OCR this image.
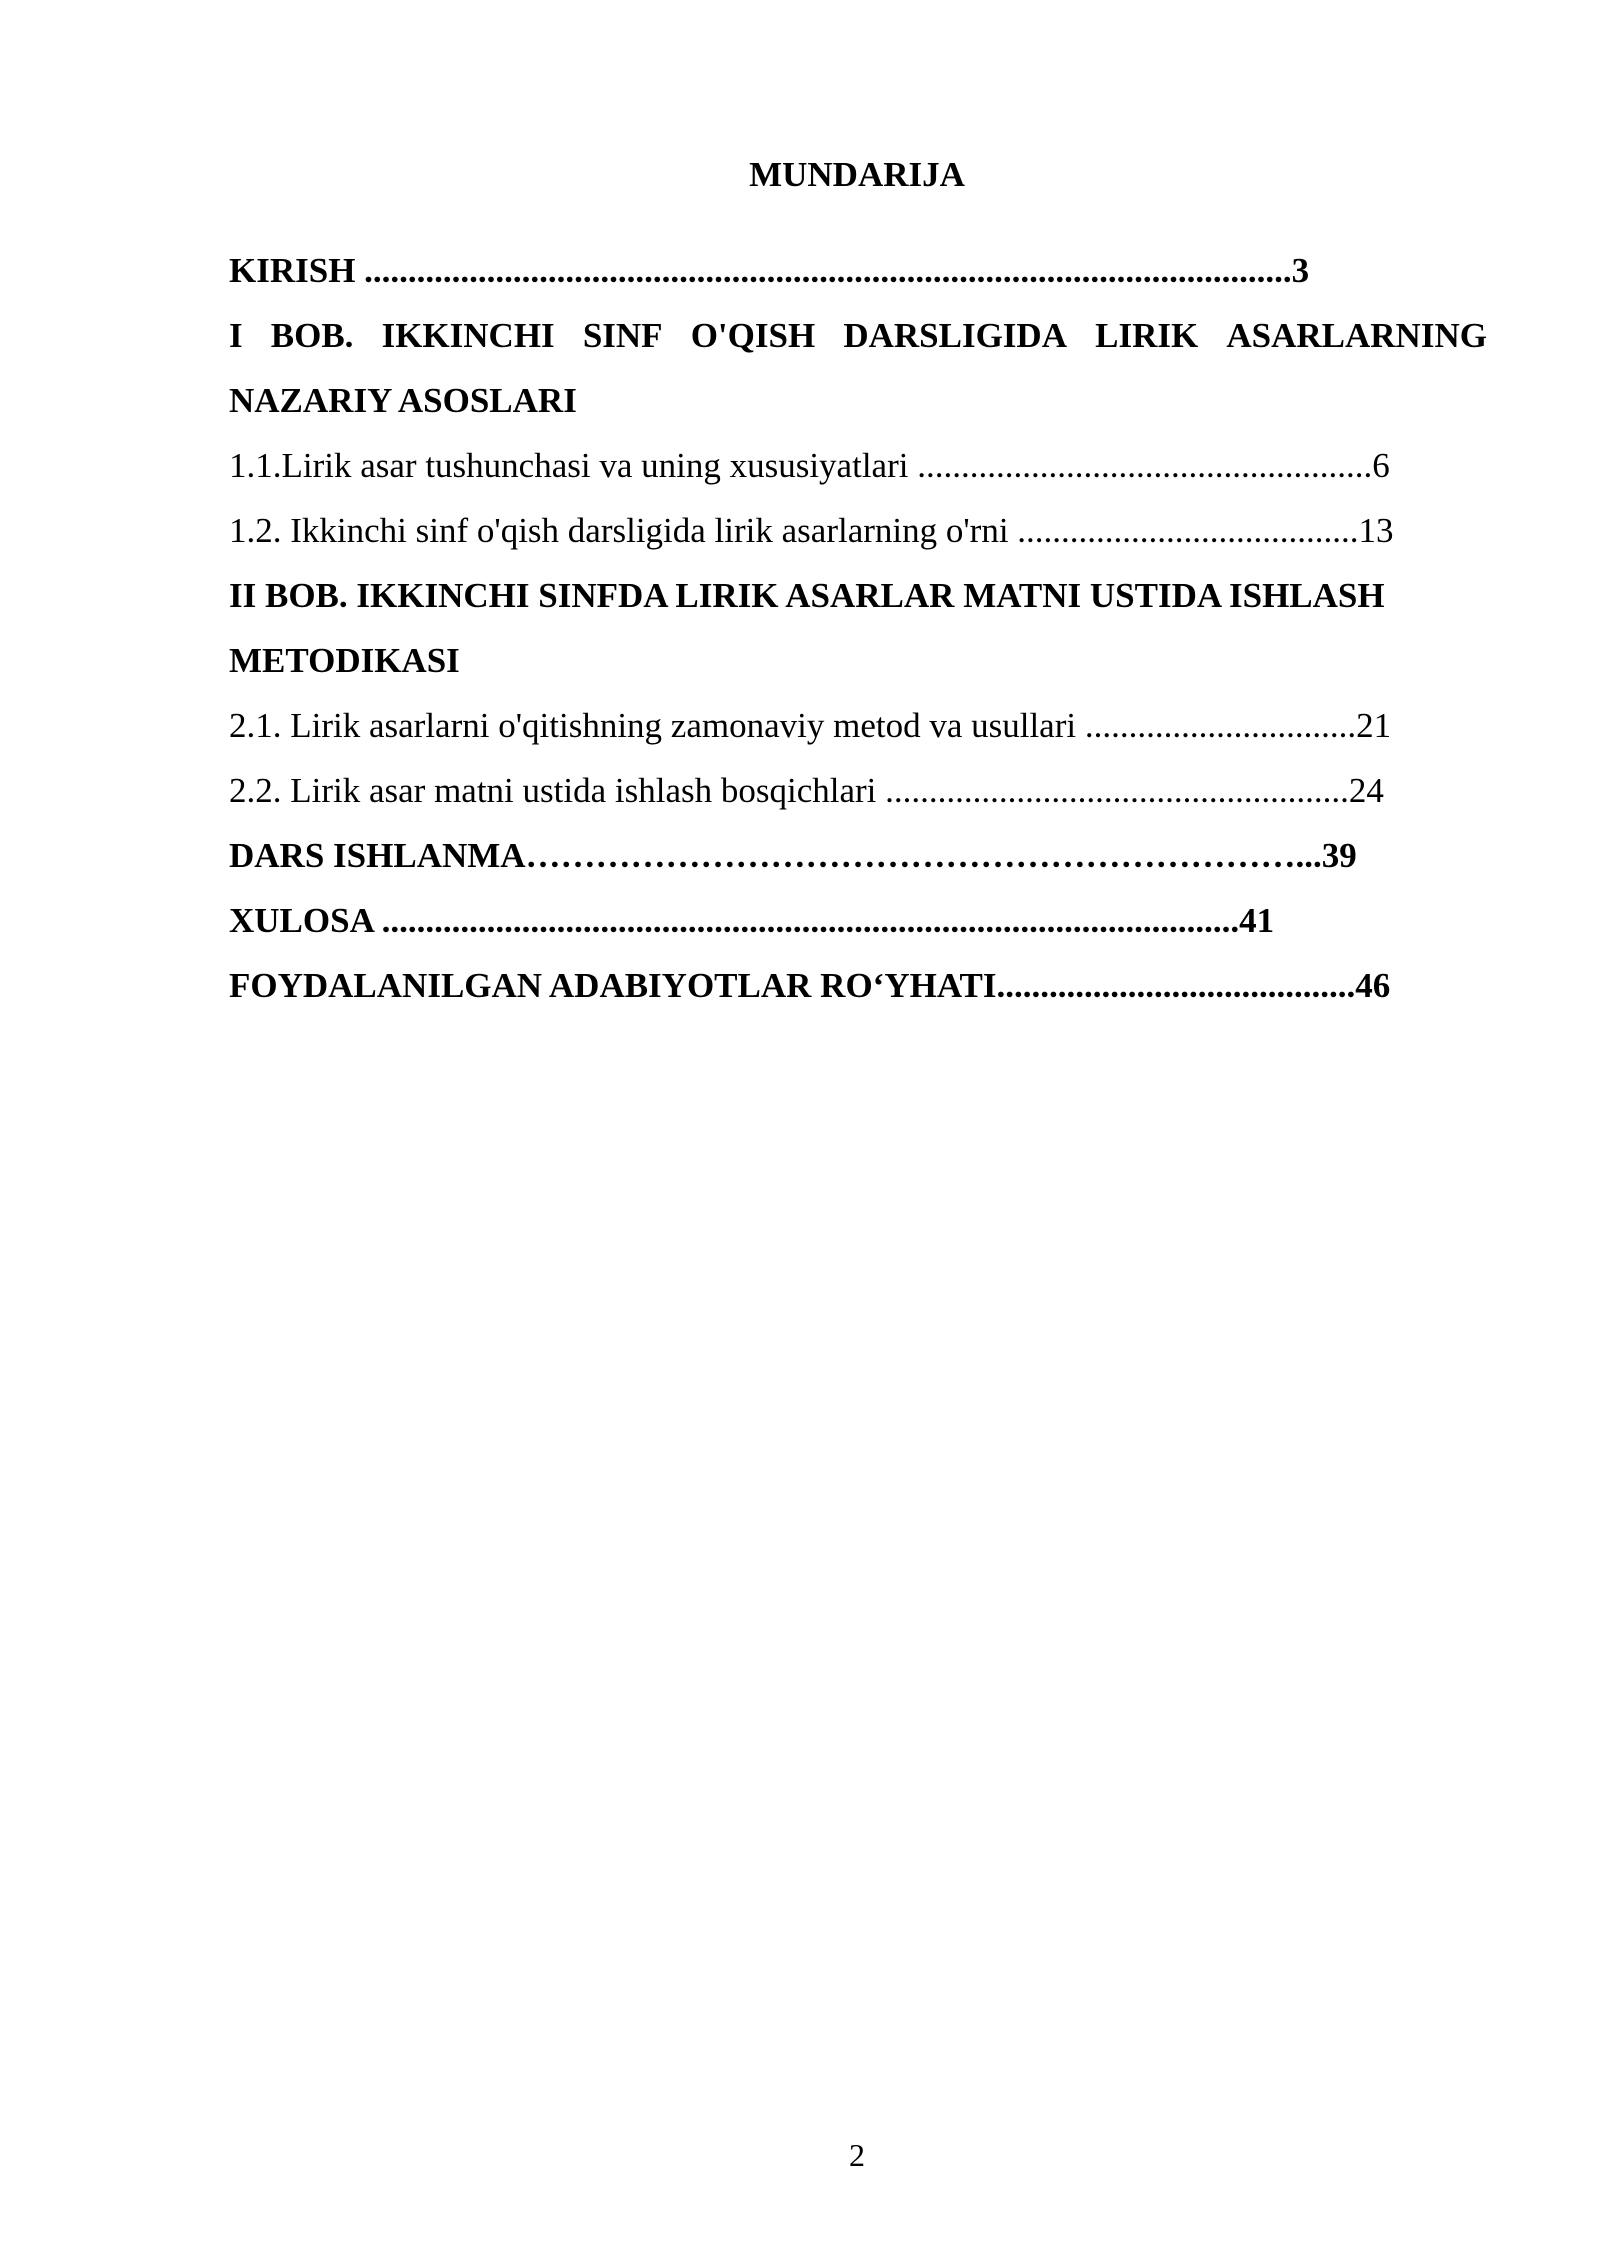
MUNDARIJA
KIRISH ..........................................................................................................3
I BOB. IKKINCHI SINF O'QISH DARSLIGIDA LIRIK ASARLARNING
NAZARIY ASOSLARI
1.1.Lirik asar tushunchasi va uning xususiyatlari ....................................................6
1.2. Ikkinchi sinf o'qish darsligida lirik asarlarning o'rni .......................................13
II BOB. IKKINCHI SINFDA LIRIK ASARLAR MATNI USTIDA ISHLASH
METODIKASI
2.1. Lirik asarlarni o'qitishning zamonaviy metod va usullari ...............................21
2.2. Lirik asar matni ustida ishlash bosqichlari .....................................................24
DARS ISHLANMA…………………………………………………………...39
XULOSA ..................................................................................................41
FOYDALANILGAN ADABIYOTLAR RO‘YHATI.........................................46
2
